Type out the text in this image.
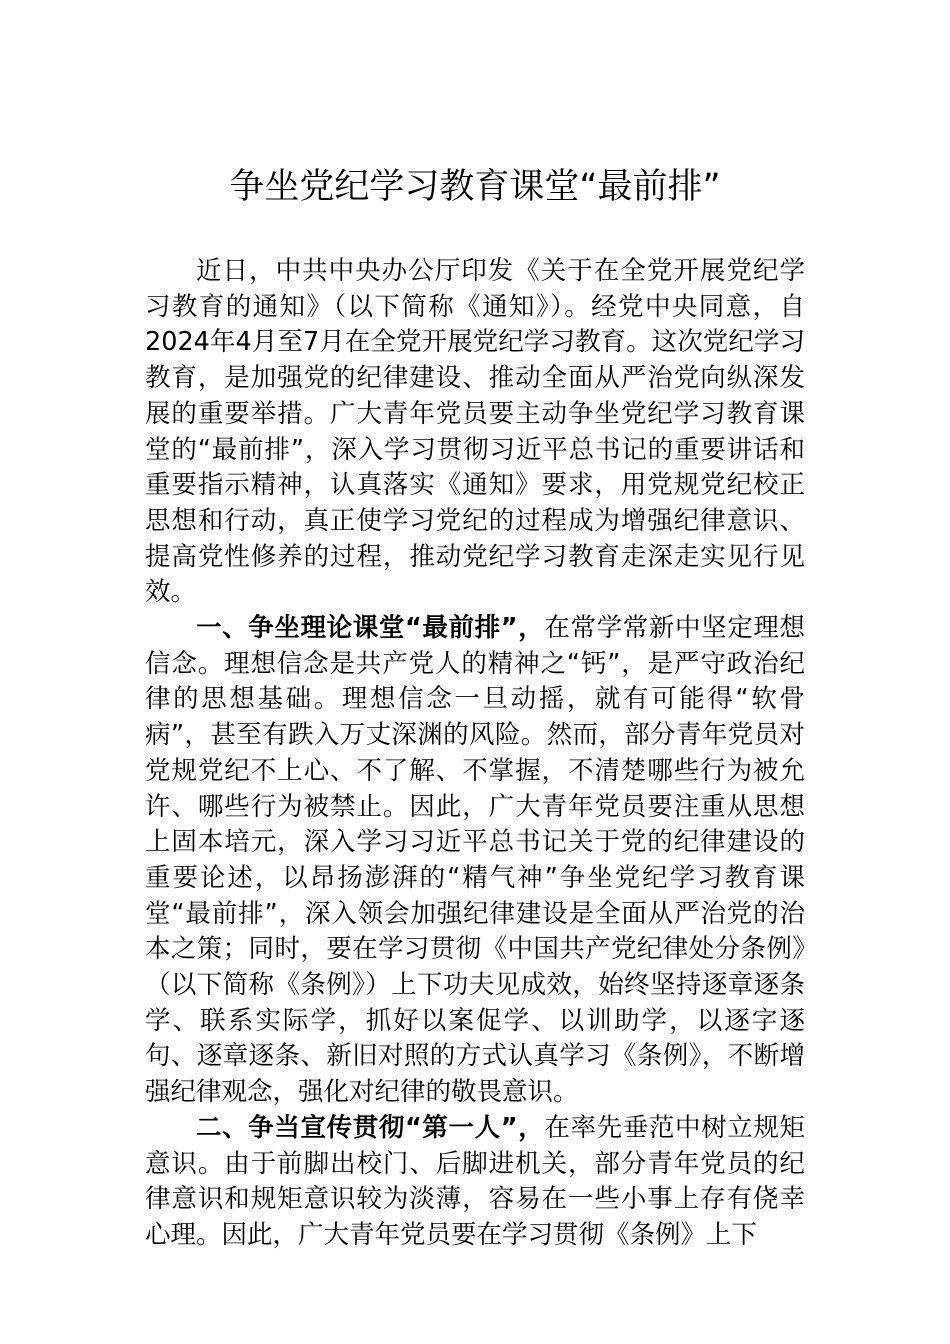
争坐党纪学习教育课堂“最前排”

近日，中共中央办公厅印发《关于在全党开展党纪学习教育的通知》（以下简称《通知》）。经党中央同意，自2024年4月至7月在全党开展党纪学习教育。这次党纪学习教育，是加强党的纪律建设、推动全面从严治党向纵深发展的重要举措。广大青年党员要主动争坐党纪学习教育课堂的“最前排”，深入学习贯彻习近平总书记的重要讲话和重要指示精神，认真落实《通知》要求，用党规党纪校正思想和行动，真正使学习党纪的过程成为增强纪律意识、提高党性修养的过程，推动党纪学习教育走深走实见行见效。

一、争坐理论课堂“最前排”，在常学常新中坚定理想信念。理想信念是共产党人的精神之“钙”，是严守政治纪律的思想基础。理想信念一旦动摇，就有可能得“软骨病”，甚至有跌入万丈深渊的风险。然而，部分青年党员对党规党纪不上心、不了解、不掌握，不清楚哪些行为被允许、哪些行为被禁止。因此，广大青年党员要注重从思想上固本培元，深入学习习近平总书记关于党的纪律建设的重要论述，以昂扬澎湃的“精气神”争坐党纪学习教育课堂“最前排”，深入领会加强纪律建设是全面从严治党的治本之策；同时，要在学习贯彻《中国共产党纪律处分条例》（以下简称《条例》）上下功夫见成效，始终坚持逐章逐条学、联系实际学，抓好以案促学、以训助学，以逐字逐句、逐章逐条、新旧对照的方式认真学习《条例》，不断增强纪律观念，强化对纪律的敬畏意识。

二、争当宣传贯彻“第一人”，在率先垂范中树立规矩意识。由于前脚出校门、后脚进机关，部分青年党员的纪律意识和规矩意识较为淡薄，容易在一些小事上存有侥幸心理。因此，广大青年党员要在学习贯彻《条例》上下
